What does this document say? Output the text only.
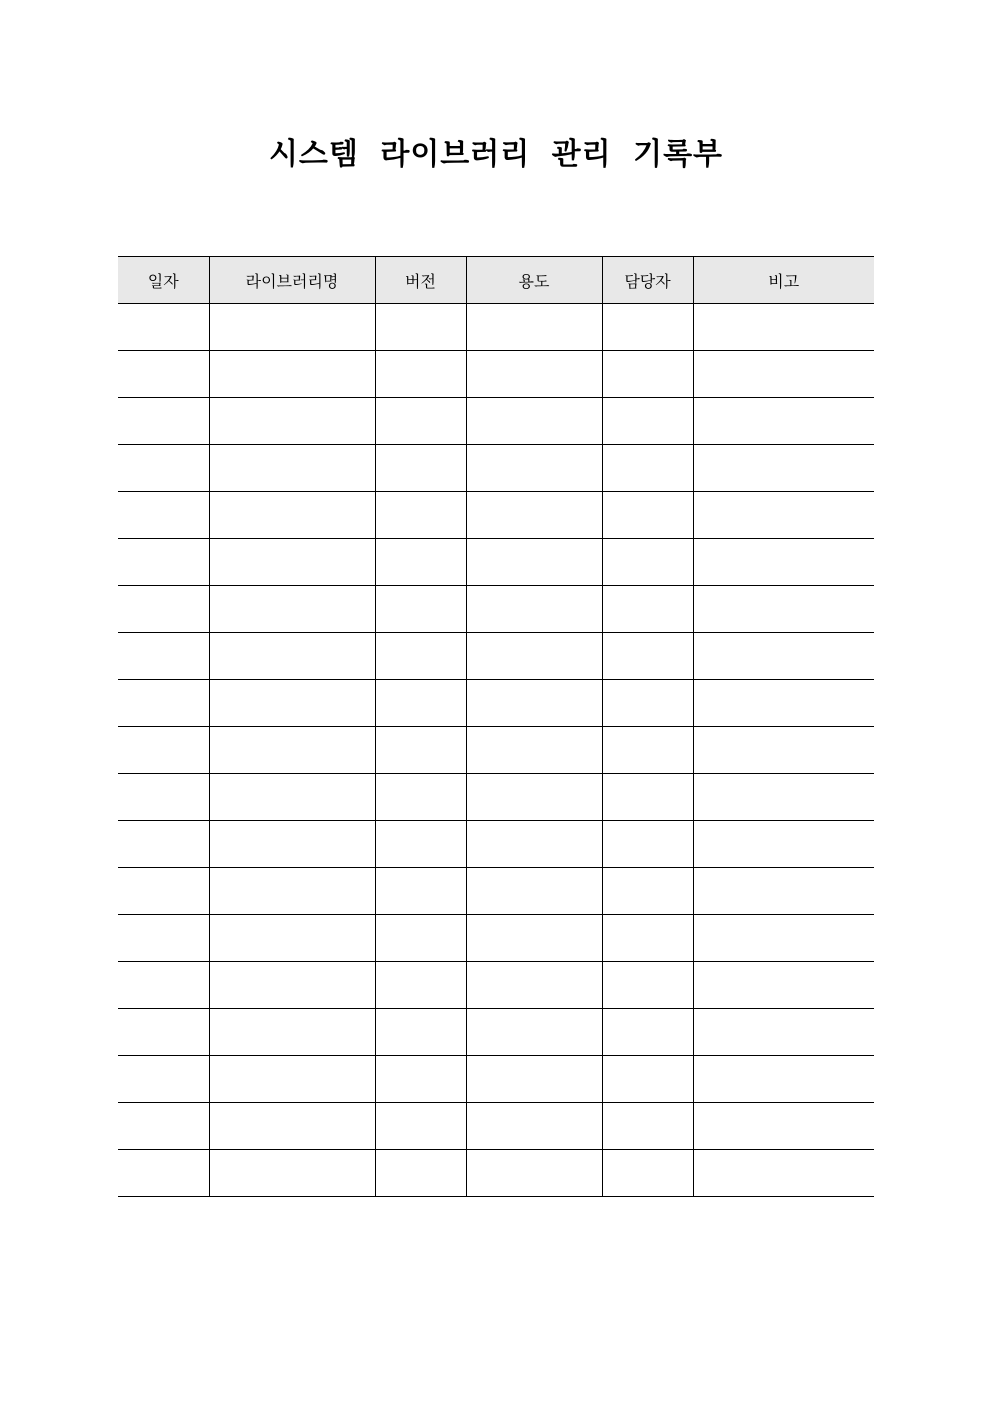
시스템 라이브러리 관리 기록부
일자	라이브러리명	버전	용도	담당자	비고
